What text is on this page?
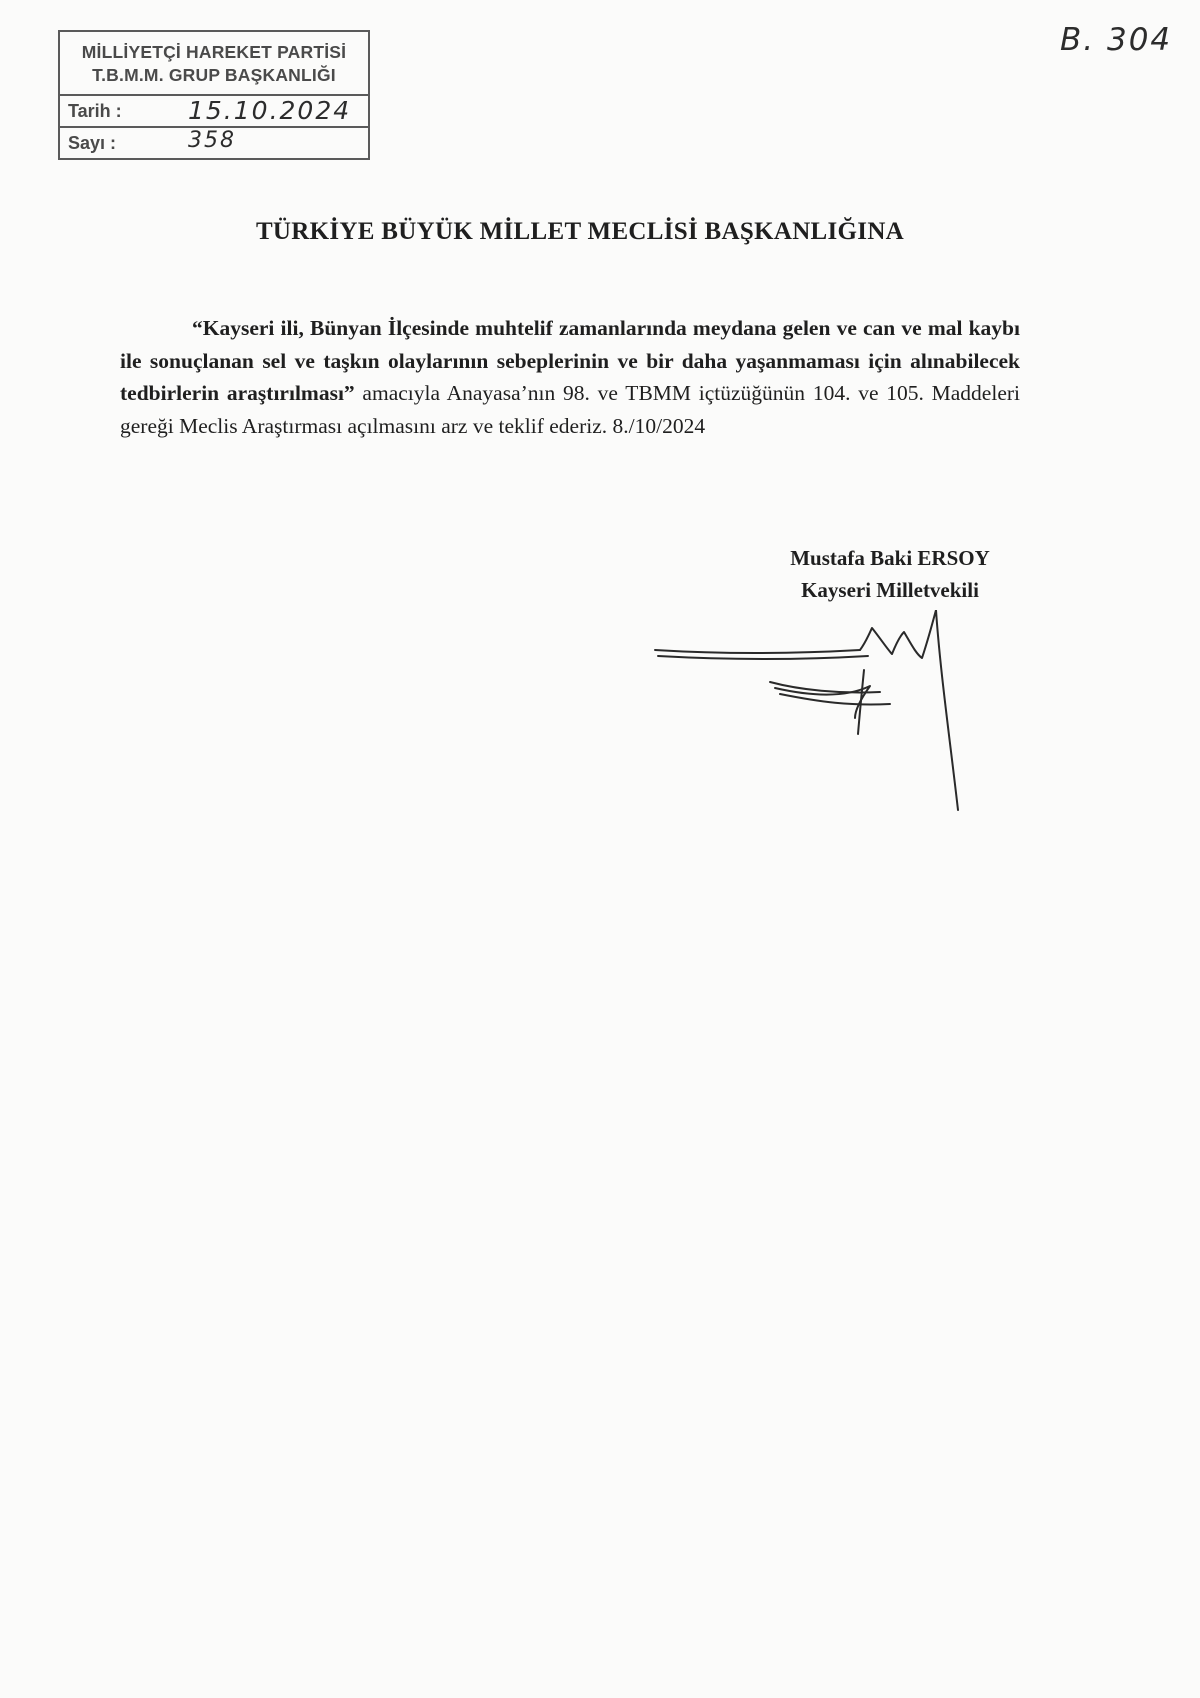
MİLLİYETÇİ HAREKET PARTİSİ
T.B.M.M. GRUP BAŞKANLIĞI
Tarih :	15.10.2024
Sayı :	358
B. 304
TÜRKİYE BÜYÜK MİLLET MECLİSİ BAŞKANLIĞINA
“Kayseri ili, Bünyan İlçesinde muhtelif zamanlarında meydana gelen ve can ve mal kaybı ile sonuçlanan sel ve taşkın olaylarının sebeplerinin ve bir daha yaşanmaması için alınabilecek tedbirlerin araştırılması” amacıyla Anayasa’nın 98. ve TBMM içtüzüğünün 104. ve 105. Maddeleri gereği Meclis Araştırması açılmasını arz ve teklif ederiz. 8./10/2024
Mustafa Baki ERSOY
Kayseri Milletvekili
